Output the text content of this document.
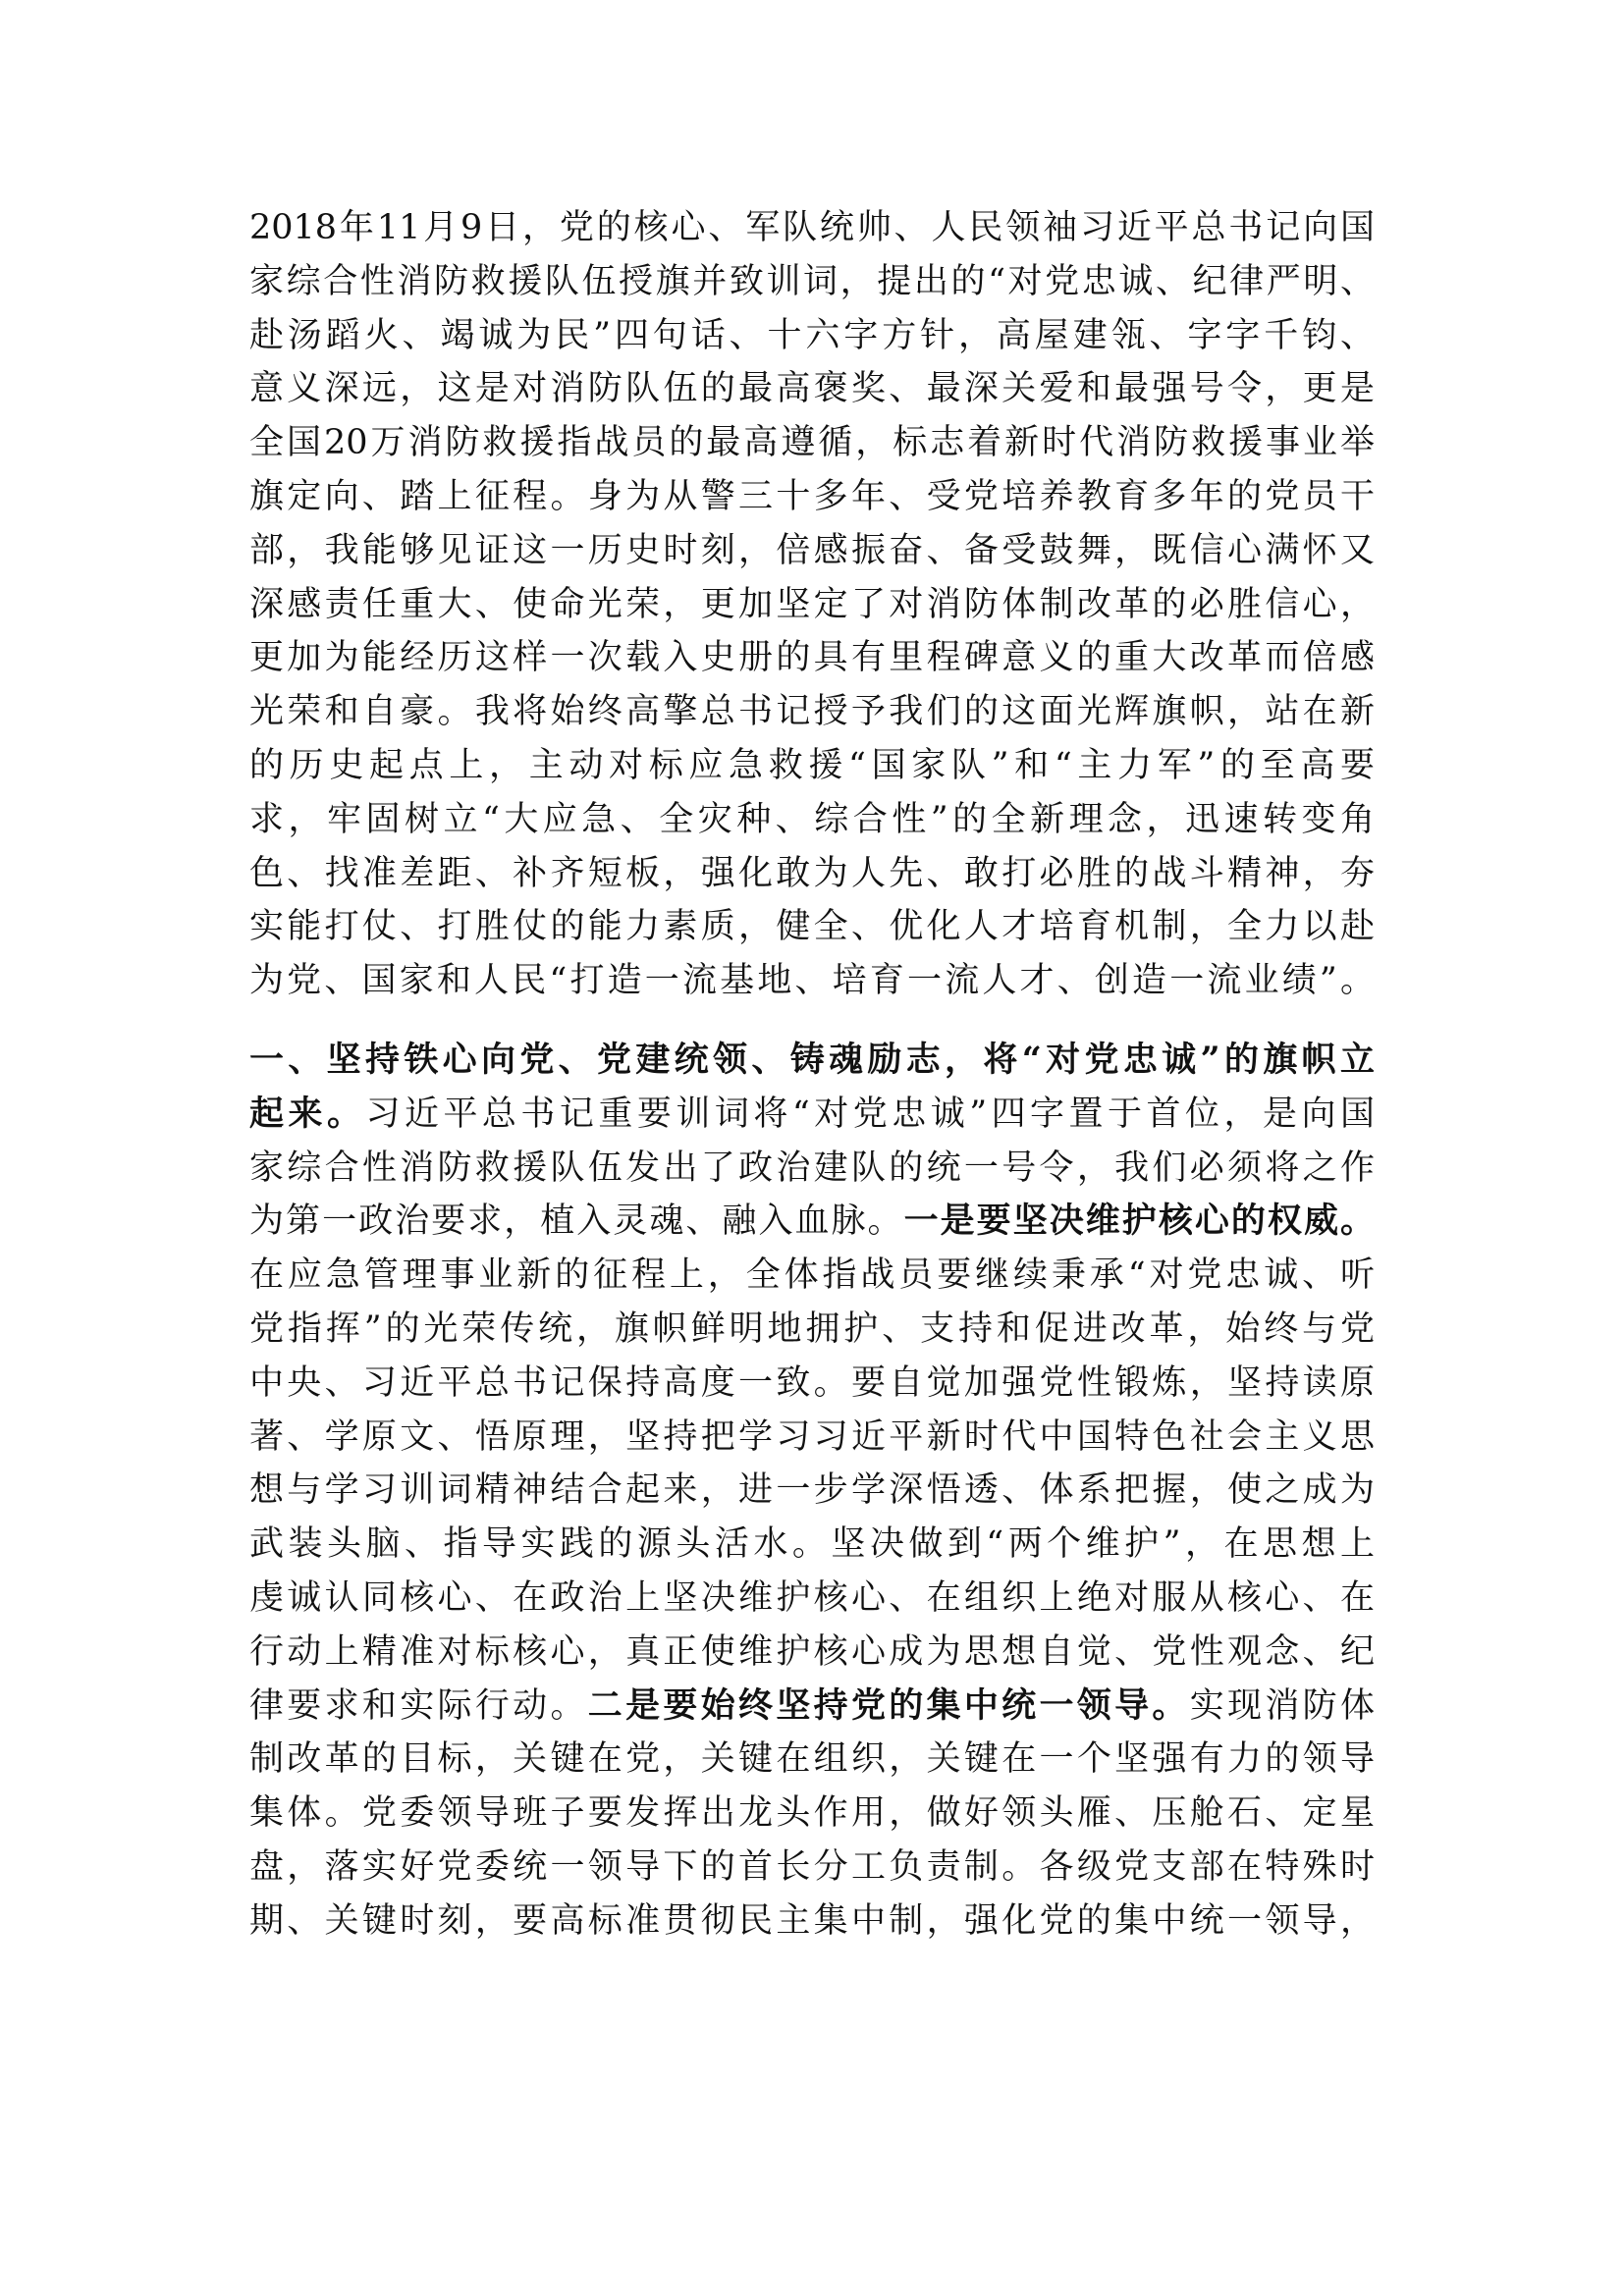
2018年11月9日，党的核心、军队统帅、人民领袖习近平总书记向国
家综合性消防救援队伍授旗并致训词，提出的“对党忠诚、纪律严明、
赴汤蹈火、竭诚为民”四句话、十六字方针，高屋建瓴、字字千钧、
意义深远，这是对消防队伍的最高褒奖、最深关爱和最强号令，更是
全国20万消防救援指战员的最高遵循，标志着新时代消防救援事业举
旗定向、踏上征程。身为从警三十多年、受党培养教育多年的党员干
部，我能够见证这一历史时刻，倍感振奋、备受鼓舞，既信心满怀又
深感责任重大、使命光荣，更加坚定了对消防体制改革的必胜信心，
更加为能经历这样一次载入史册的具有里程碑意义的重大改革而倍感
光荣和自豪。我将始终高擎总书记授予我们的这面光辉旗帜，站在新
的历史起点上，主动对标应急救援“国家队”和“主力军”的至高要
求，牢固树立“大应急、全灾种、综合性”的全新理念，迅速转变角
色、找准差距、补齐短板，强化敢为人先、敢打必胜的战斗精神，夯
实能打仗、打胜仗的能力素质，健全、优化人才培育机制，全力以赴
为党、国家和人民“打造一流基地、培育一流人才、创造一流业绩”。

一、坚持铁心向党、党建统领、铸魂励志，将“对党忠诚”的旗帜立
起来。习近平总书记重要训词将“对党忠诚”四字置于首位，是向国
家综合性消防救援队伍发出了政治建队的统一号令，我们必须将之作
为第一政治要求，植入灵魂、融入血脉。一是要坚决维护核心的权威。
在应急管理事业新的征程上，全体指战员要继续秉承“对党忠诚、听
党指挥”的光荣传统，旗帜鲜明地拥护、支持和促进改革，始终与党
中央、习近平总书记保持高度一致。要自觉加强党性锻炼，坚持读原
著、学原文、悟原理，坚持把学习习近平新时代中国特色社会主义思
想与学习训词精神结合起来，进一步学深悟透、体系把握，使之成为
武装头脑、指导实践的源头活水。坚决做到“两个维护”，在思想上
虔诚认同核心、在政治上坚决维护核心、在组织上绝对服从核心、在
行动上精准对标核心，真正使维护核心成为思想自觉、党性观念、纪
律要求和实际行动。二是要始终坚持党的集中统一领导。实现消防体
制改革的目标，关键在党，关键在组织，关键在一个坚强有力的领导
集体。党委领导班子要发挥出龙头作用，做好领头雁、压舱石、定星
盘，落实好党委统一领导下的首长分工负责制。各级党支部在特殊时
期、关键时刻，要高标准贯彻民主集中制，强化党的集中统一领导，
